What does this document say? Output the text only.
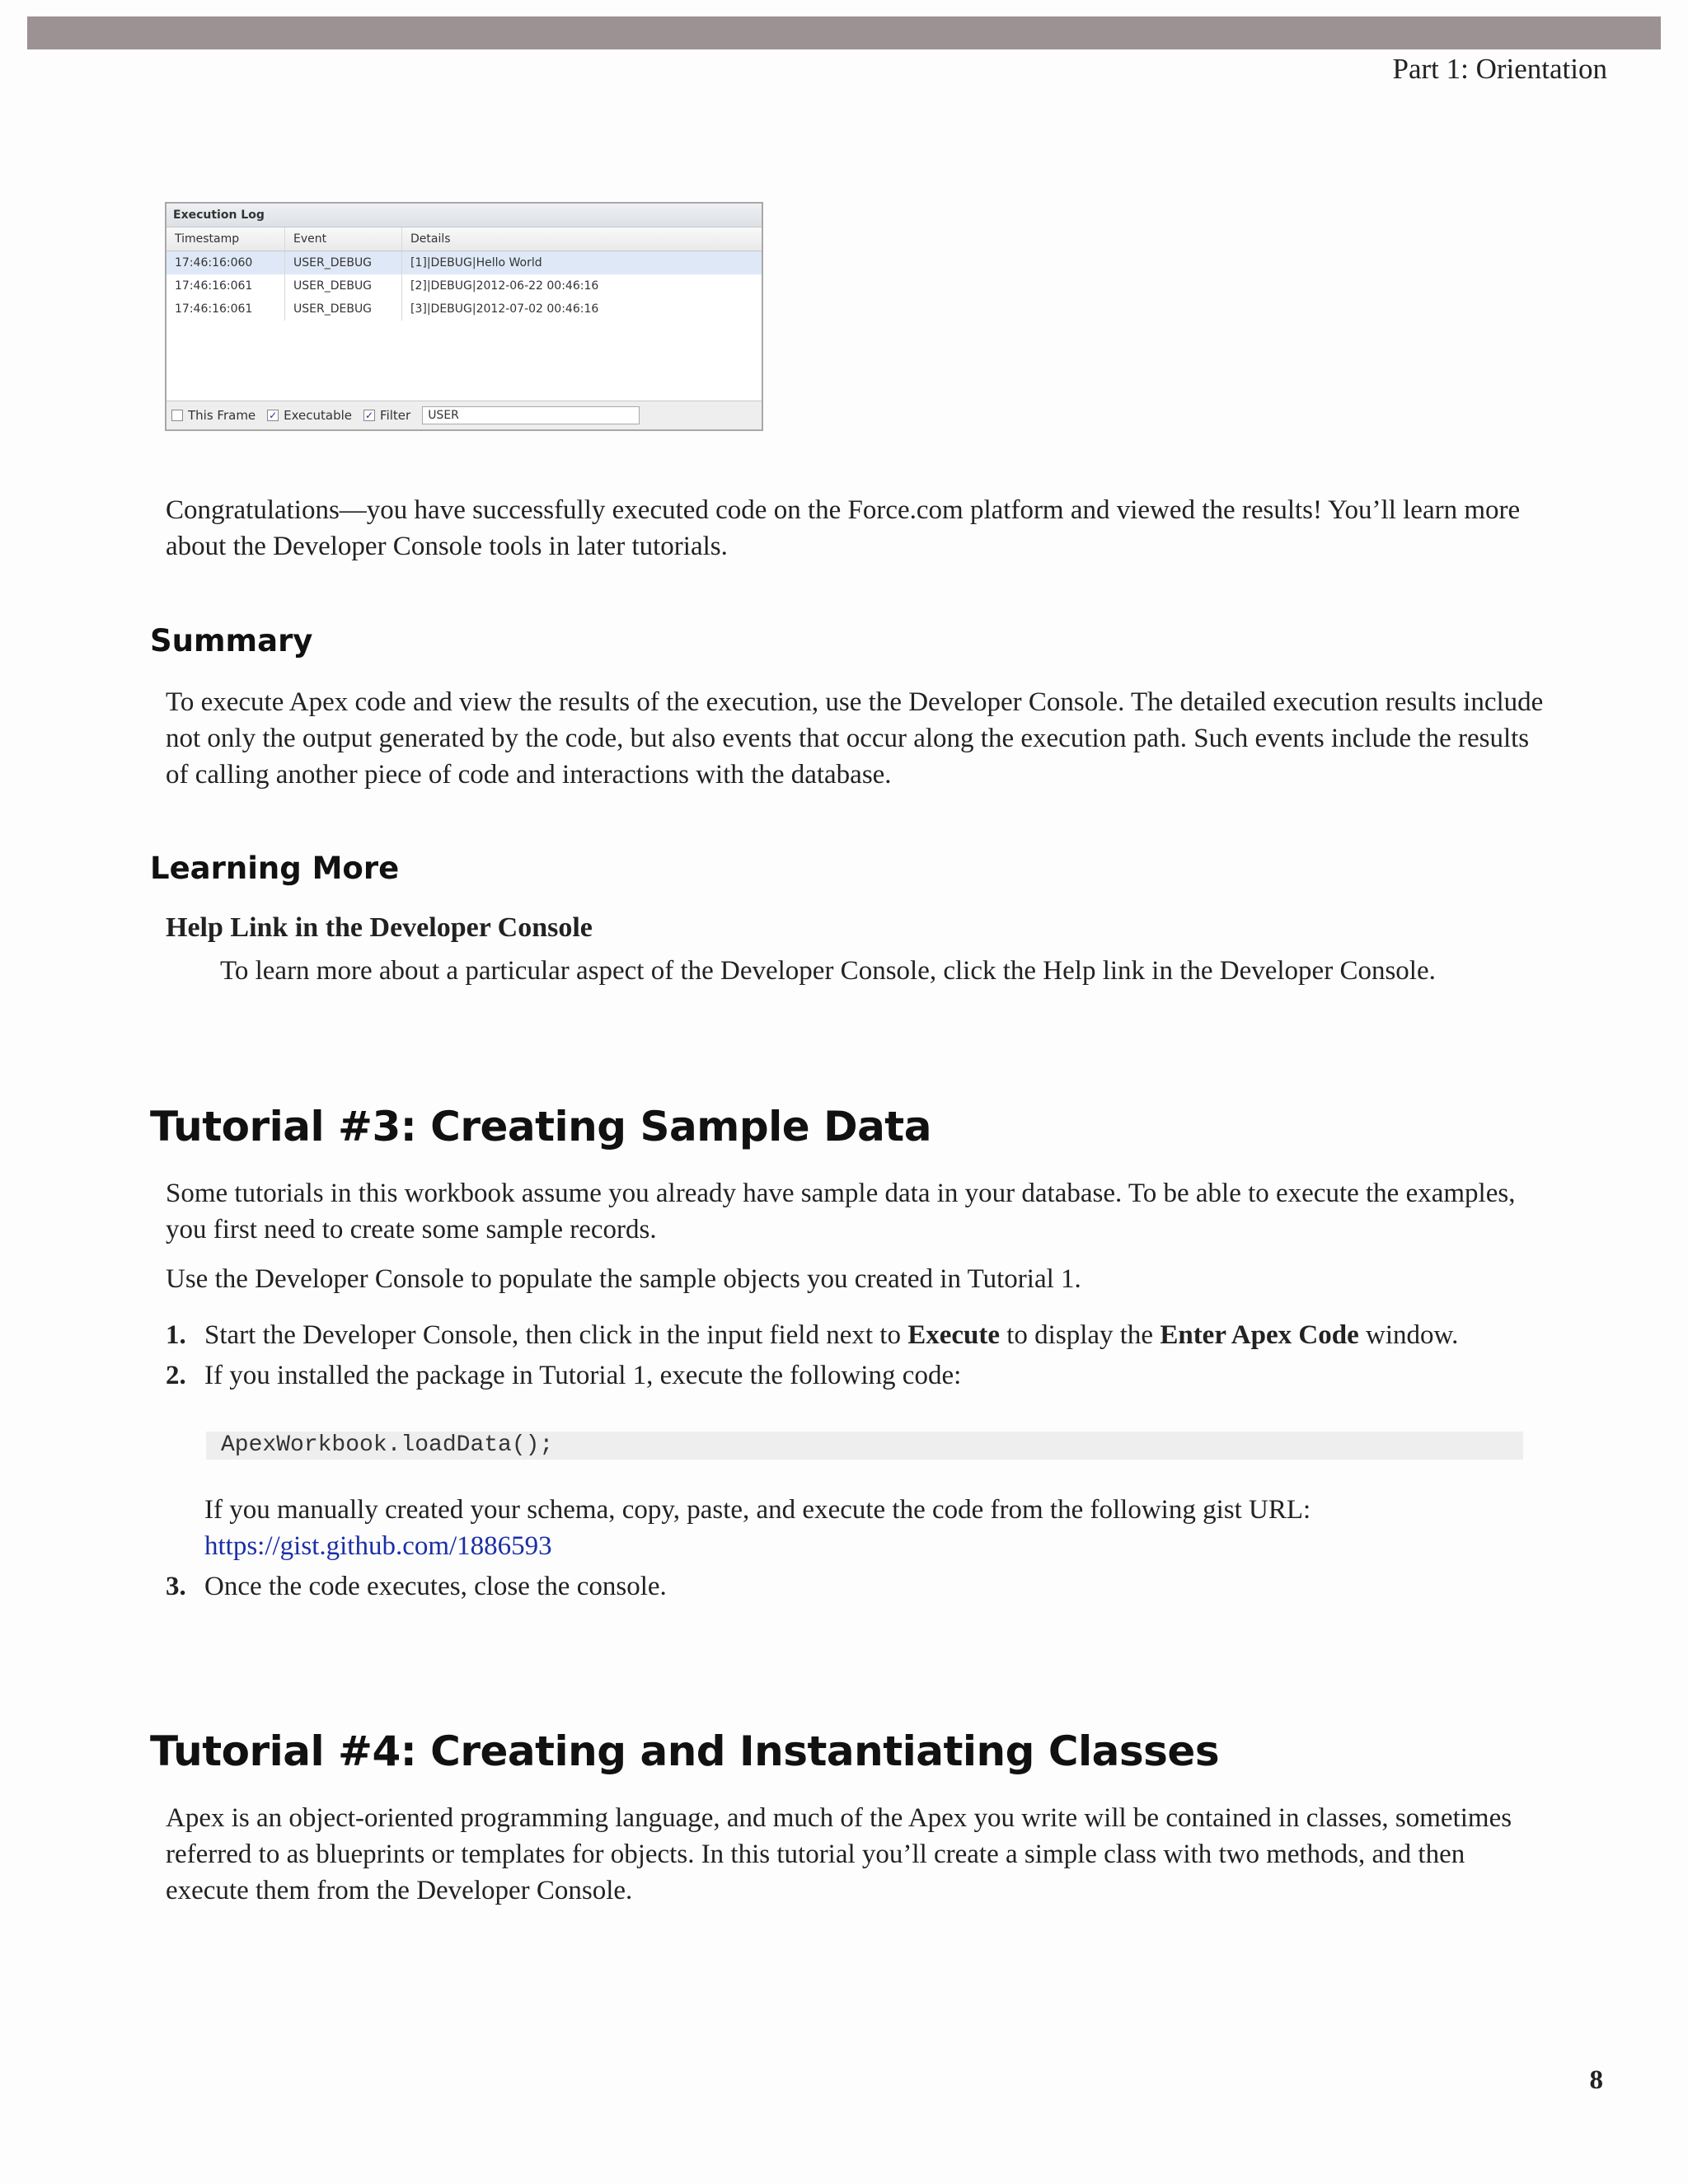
Part 1: Orientation
Execution Log
Timestamp	Event	Details
17:46:16:060	USER_DEBUG	[1]|DEBUG|Hello World
17:46:16:061	USER_DEBUG	[2]|DEBUG|2012-06-22 00:46:16
17:46:16:061	USER_DEBUG	[3]|DEBUG|2012-07-02 00:46:16
This Frame ✓ Executable ✓ Filter	USER

Congratulations—you have successfully executed code on the Force.com platform and viewed the results! You’ll learn more about the Developer Console tools in later tutorials.

Summary

To execute Apex code and view the results of the execution, use the Developer Console. The detailed execution results include not only the output generated by the code, but also events that occur along the execution path. Such events include the results of calling another piece of code and interactions with the database.

Learning More

Help Link in the Developer Console

To learn more about a particular aspect of the Developer Console, click the Help link in the Developer Console.

Tutorial #3: Creating Sample Data

Some tutorials in this workbook assume you already have sample data in your database. To be able to execute the examples, you first need to create some sample records.

Use the Developer Console to populate the sample objects you created in Tutorial 1.

1. Start the Developer Console, then click in the input field next to Execute to display the Enter Apex Code window.
2. If you installed the package in Tutorial 1, execute the following code:
ApexWorkbook.loadData();

If you manually created your schema, copy, paste, and execute the code from the following gist URL:
https://gist.github.com/1886593

3. Once the code executes, close the console.
Tutorial #4: Creating and Instantiating Classes

Apex is an object-oriented programming language, and much of the Apex you write will be contained in classes, sometimes referred to as blueprints or templates for objects. In this tutorial you’ll create a simple class with two methods, and then execute them from the Developer Console.

8
